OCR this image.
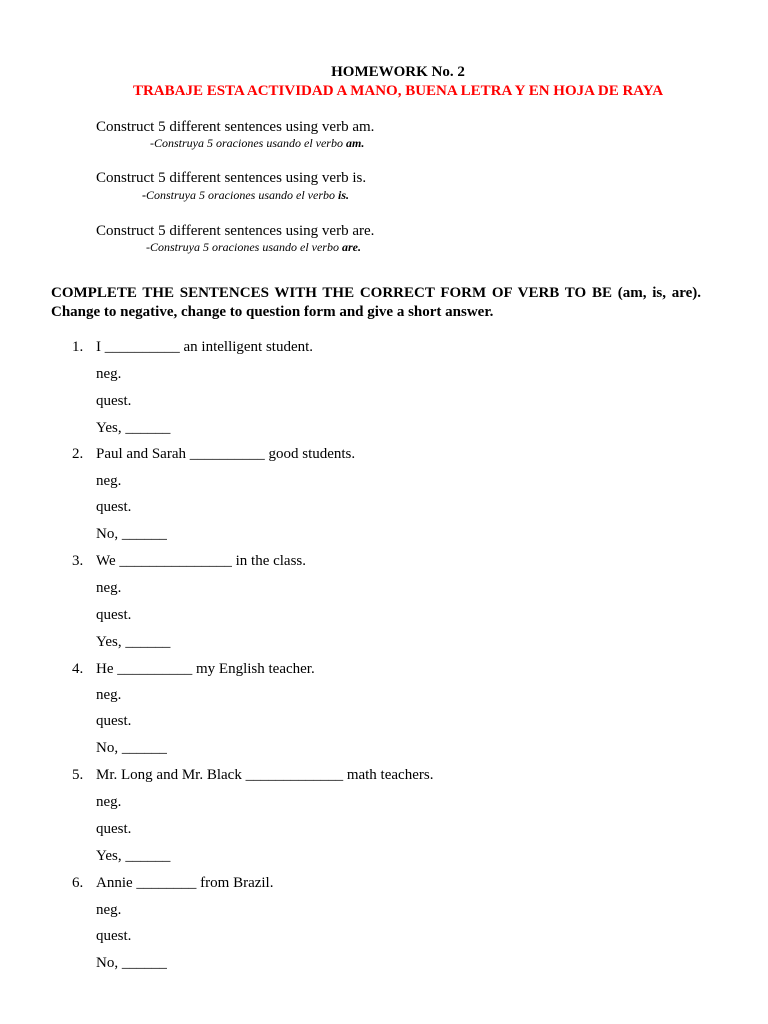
HOMEWORK No. 2
TRABAJE ESTA ACTIVIDAD A MANO, BUENA LETRA Y EN HOJA DE RAYA
Construct 5 different sentences using verb am.
-Construya 5 oraciones usando el verbo am.
Construct 5 different sentences using verb is.
-Construya 5 oraciones usando el verbo is.
Construct 5 different sentences using verb are.
-Construya 5 oraciones usando el verbo are.
COMPLETE THE SENTENCES WITH THE CORRECT FORM OF VERB TO BE (am, is, are).
Change to negative, change to question form and give a short answer.
1. I __________ an intelligent student.
neg.
quest.
Yes, ______
2. Paul and Sarah __________ good students.
neg.
quest.
No, ______
3. We _______________ in the class.
neg.
quest.
Yes, ______
4. He __________ my English teacher.
neg.
quest.
No, ______
5. Mr. Long and Mr. Black _____________ math teachers.
neg.
quest.
Yes, ______
6. Annie ________ from Brazil.
neg.
quest.
No, ______
